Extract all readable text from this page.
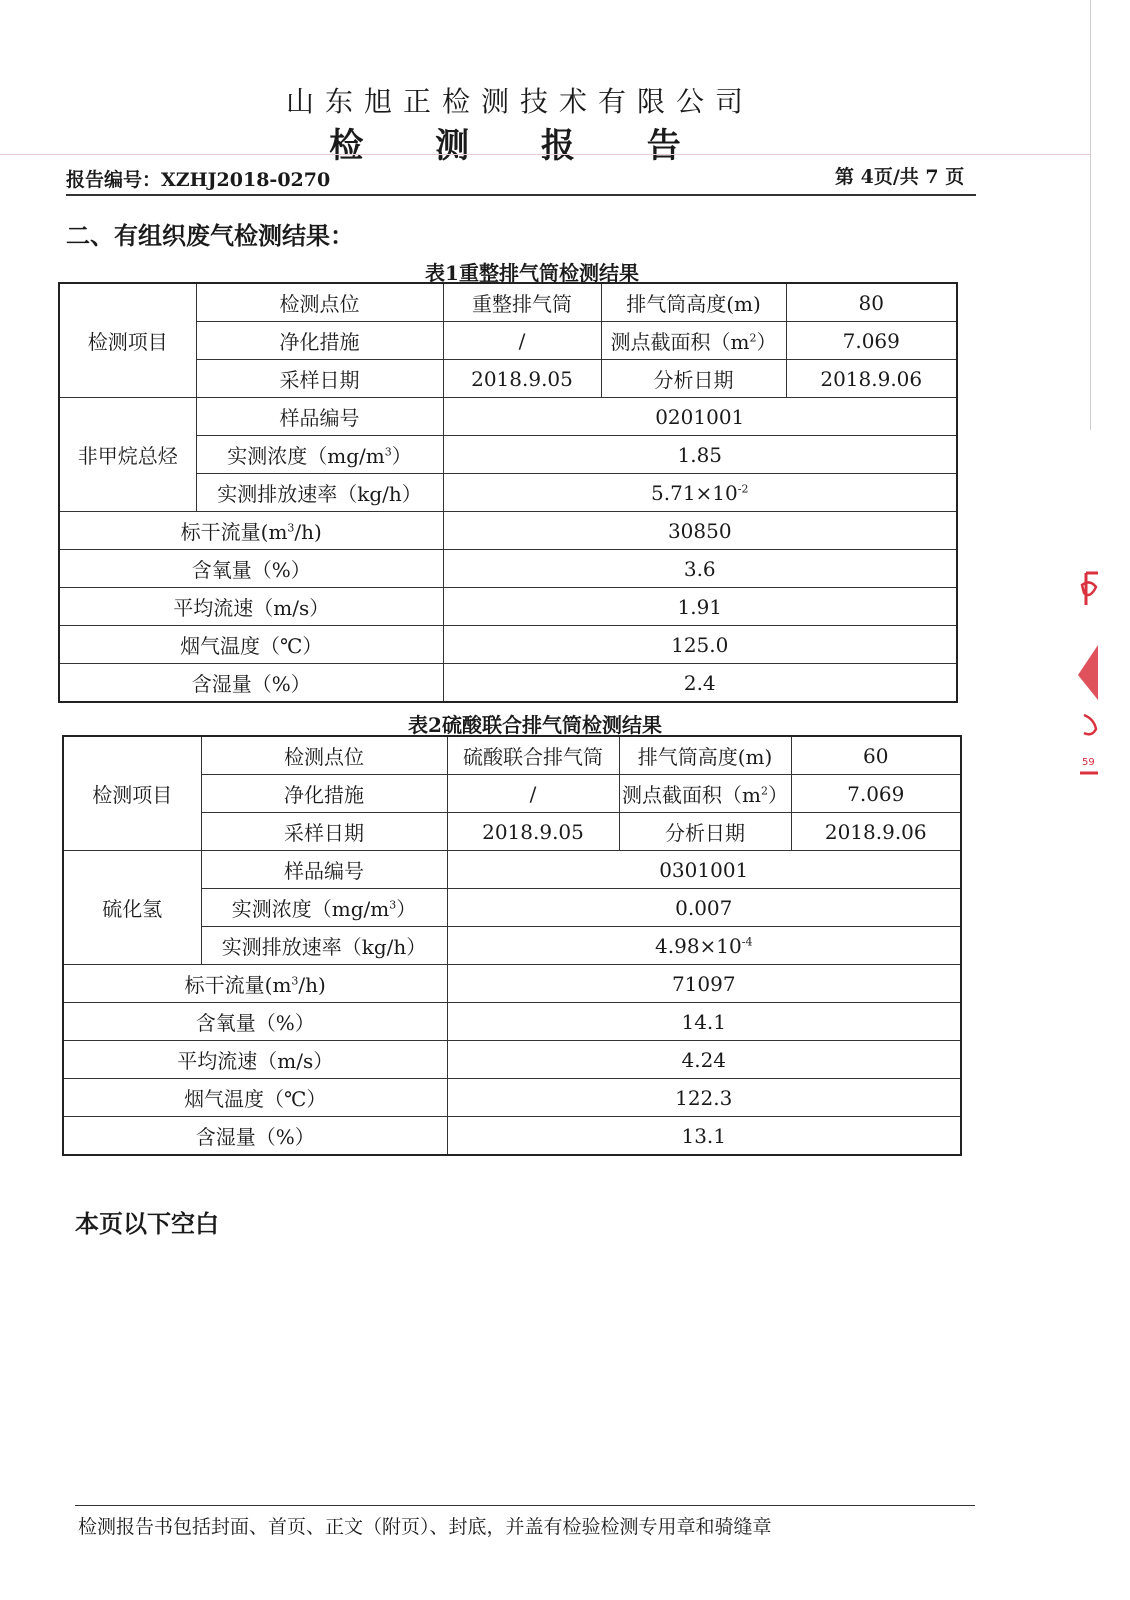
山东旭正检测技术有限公司
检 测 报 告
报告编号：XZHJ2018-0270	第 4页/共 7 页
二、有组织废气检测结果：
表1重整排气筒检测结果
检测项目	检测点位	重整排气筒	排气筒高度(m)	80
	净化措施	/	测点截面积$(m^2)$	7.069
	采样日期	2018.9.05	分析日期	2018.9.06
非甲烷总烃	样品编号	0201001		
	实测浓度$(mg/m^3)$	1.85		
	实测排放速率（kg/h）	$5.71\times 10^{-2}$
标干流量$(m^3/h)$		30850		
含氧量（%）		3.6		
平均流速（m/s）		1.91		
烟气温度（℃）		125.0		
含湿量（%）		2.4		
表2硫酸联合排气筒检测结果
检测项目	检测点位	硫酸联合排气筒	排气筒高度(m)	60
	净化措施	/	测点截面积$(m^2)$	7.069
	采样日期	2018.9.05	分析日期	2018.9.06
硫化氢	样品编号	0301001		
	实测浓度$(mg/m^3)$	0.007		
	实测排放速率（kg/h）	$4.98\times 10^{-4}$
标干流量$(m^3/h)$		71097		
含氧量（%）		14.1		
平均流速（m/s）		4.24		
烟气温度（℃）		122.3		
含湿量（%）		13.1		
本页以下空白
检测报告书包括封面、首页、正文（附页）、封底，并盖有检验检测专用章和骑缝章
59
